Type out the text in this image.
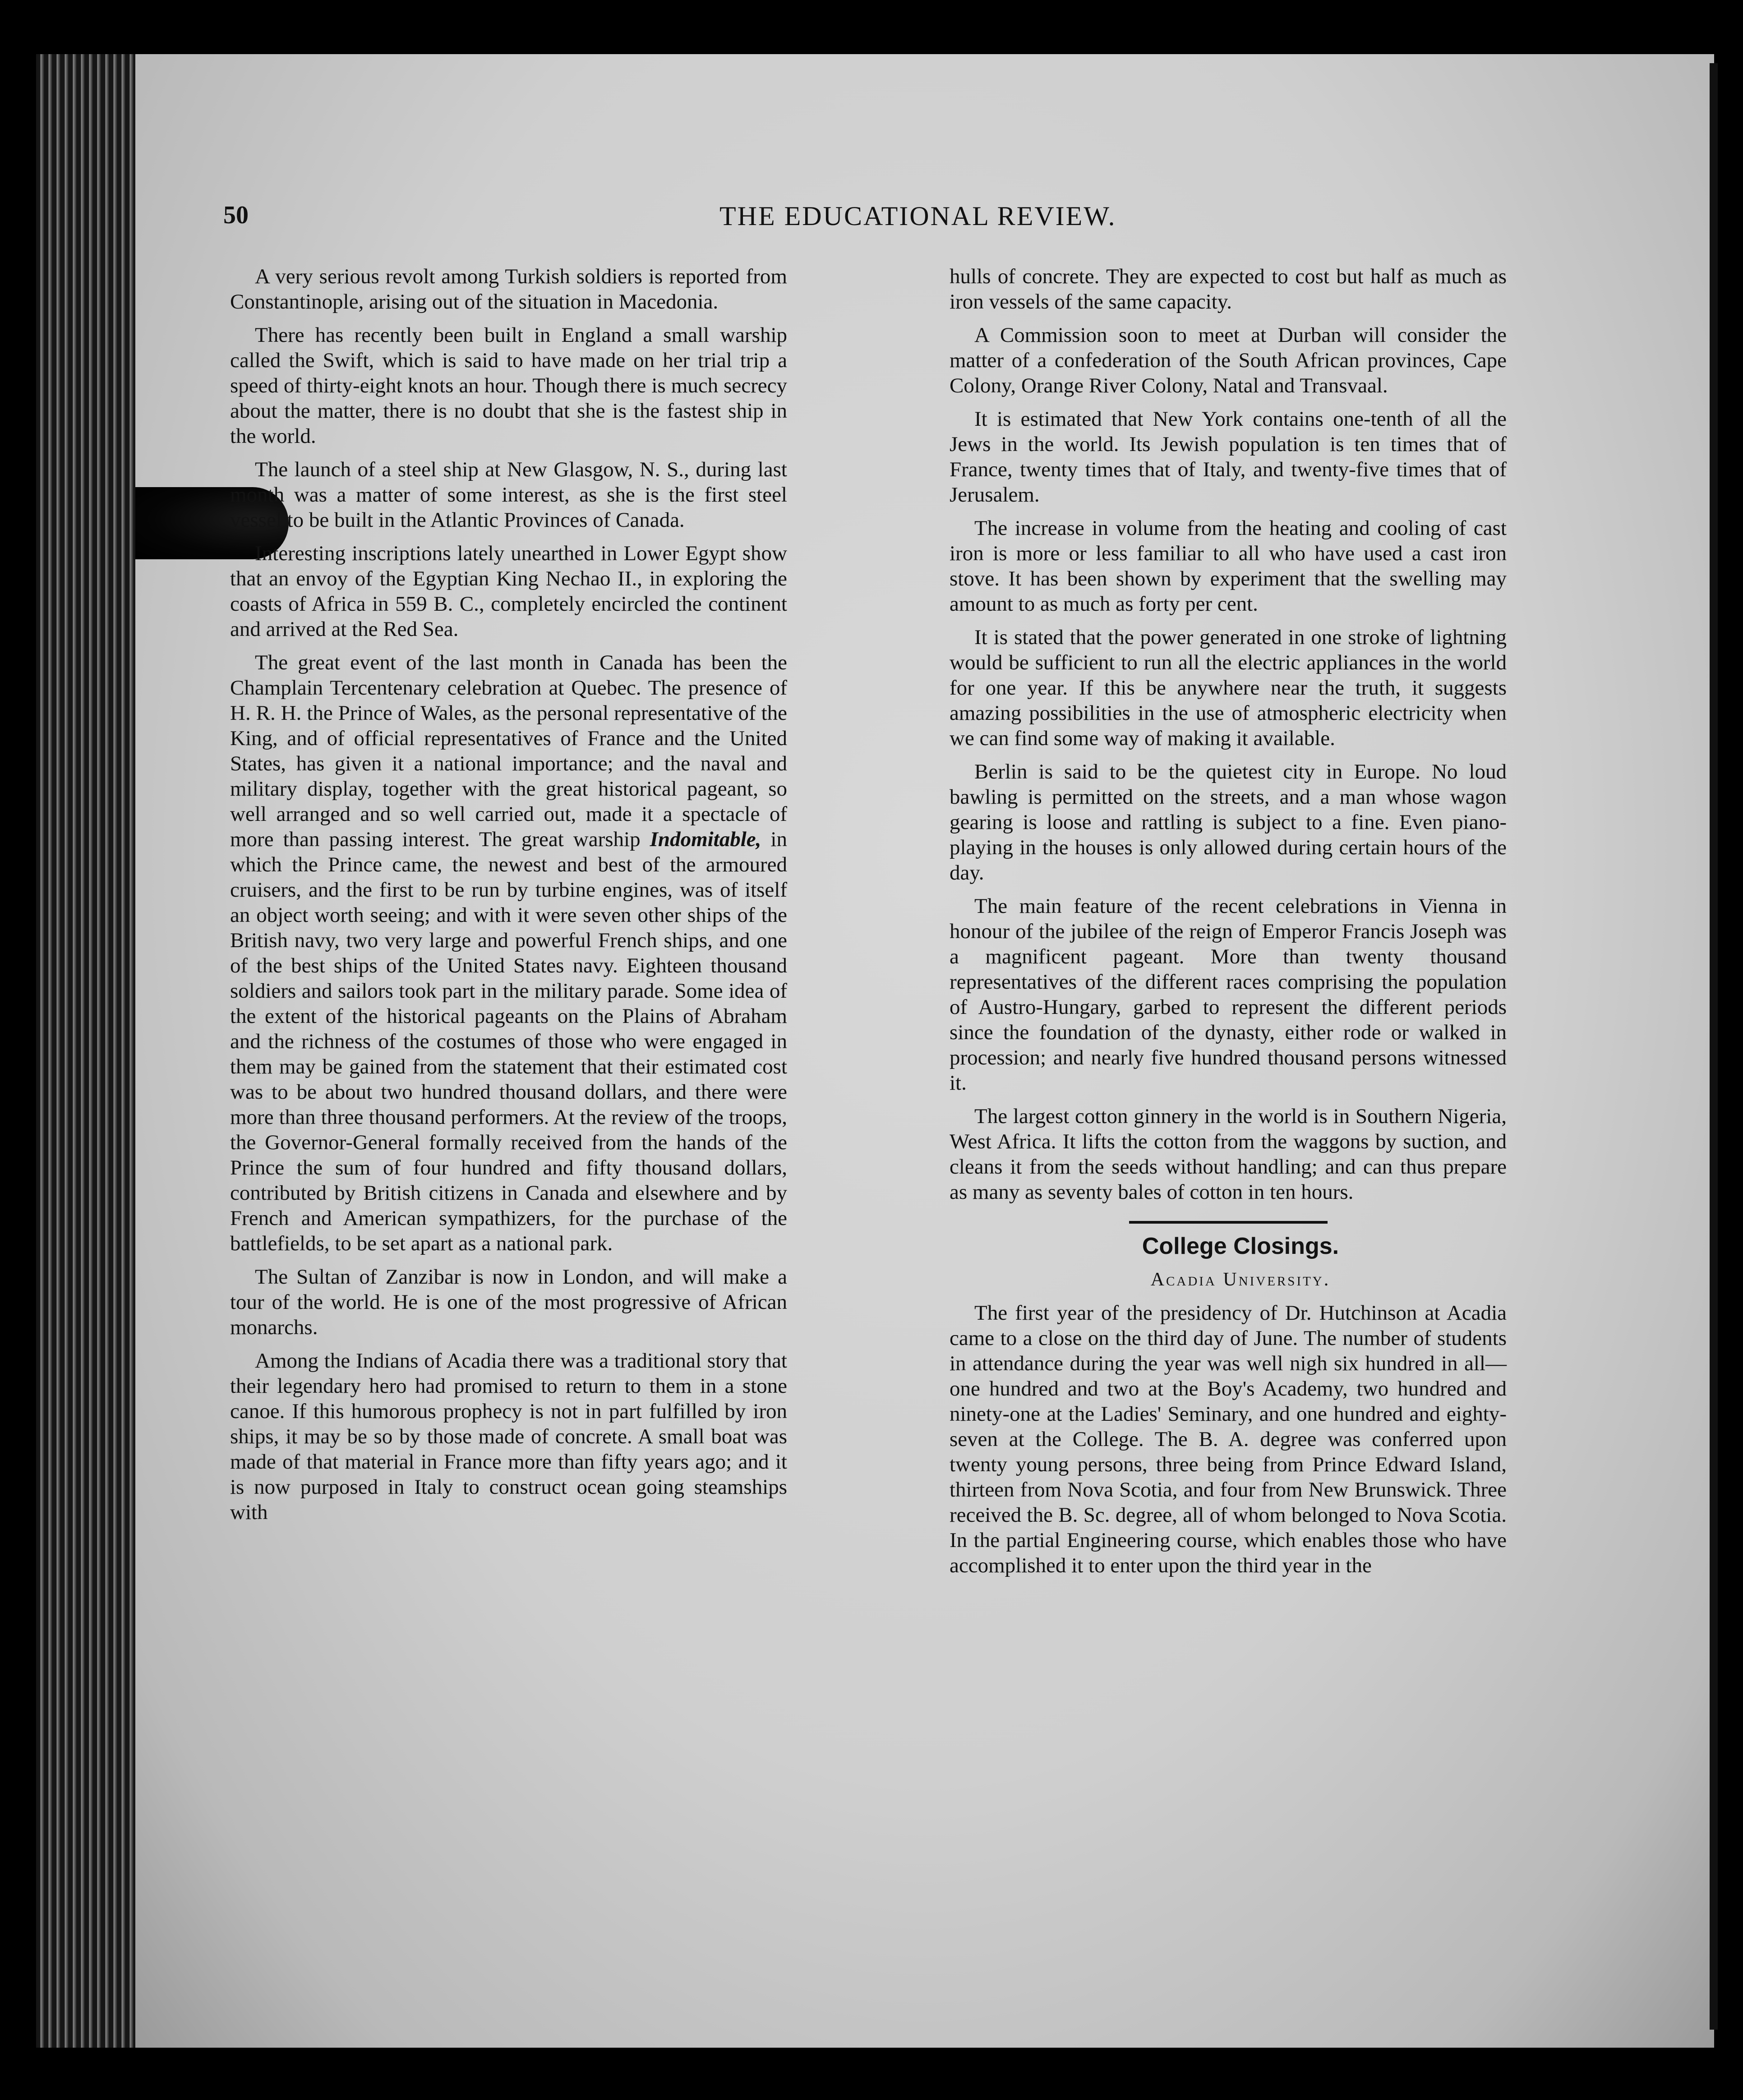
50	THE EDUCATIONAL REVIEW.

A very serious revolt among Turkish soldiers is reported from Constantinople, arising out of the situation in Macedonia.

There has recently been built in England a small warship called the Swift, which is said to have made on her trial trip a speed of thirty-eight knots an hour. Though there is much secrecy about the matter, there is no doubt that she is the fastest ship in the world.

The launch of a steel ship at New Glasgow, N. S., during last month was a matter of some interest, as she is the first steel vessel to be built in the Atlantic Provinces of Canada.

Interesting inscriptions lately unearthed in Lower Egypt show that an envoy of the Egyptian King Nechao II., in exploring the coasts of Africa in 559 B. C., completely encircled the continent and arrived at the Red Sea.

The great event of the last month in Canada has been the Champlain Tercentenary celebration at Quebec. The presence of H. R. H. the Prince of Wales, as the personal representative of the King, and of official representatives of France and the United States, has given it a national importance; and the naval and military display, together with the great historical pageant, so well arranged and so well carried out, made it a spectacle of more than passing interest. The great warship Indomitable, in which the Prince came, the newest and best of the armoured cruisers, and the first to be run by turbine engines, was of itself an object worth seeing; and with it were seven other ships of the British navy, two very large and powerful French ships, and one of the best ships of the United States navy. Eighteen thousand soldiers and sailors took part in the military parade. Some idea of the extent of the historical pageants on the Plains of Abraham and the richness of the costumes of those who were engaged in them may be gained from the statement that their estimated cost was to be about two hundred thousand dollars, and there were more than three thousand performers. At the review of the troops, the Governor-General formally received from the hands of the Prince the sum of four hundred and fifty thousand dollars, contributed by British citizens in Canada and elsewhere and by French and American sympathizers, for the purchase of the battlefields, to be set apart as a national park.

The Sultan of Zanzibar is now in London, and will make a tour of the world. He is one of the most progressive of African monarchs.

Among the Indians of Acadia there was a traditional story that their legendary hero had promised to return to them in a stone canoe. If this humorous prophecy is not in part fulfilled by iron ships, it may be so by those made of concrete. A small boat was made of that material in France more than fifty years ago; and it is now purposed in Italy to construct ocean going steamships with

hulls of concrete. They are expected to cost but half as much as iron vessels of the same capacity.

A Commission soon to meet at Durban will consider the matter of a confederation of the South African provinces, Cape Colony, Orange River Colony, Natal and Transvaal.

It is estimated that New York contains one-tenth of all the Jews in the world. Its Jewish population is ten times that of France, twenty times that of Italy, and twenty-five times that of Jerusalem.

The increase in volume from the heating and cooling of cast iron is more or less familiar to all who have used a cast iron stove. It has been shown by experiment that the swelling may amount to as much as forty per cent.

It is stated that the power generated in one stroke of lightning would be sufficient to run all the electric appliances in the world for one year. If this be anywhere near the truth, it suggests amazing possibilities in the use of atmospheric electricity when we can find some way of making it available.

Berlin is said to be the quietest city in Europe. No loud bawling is permitted on the streets, and a man whose wagon gearing is loose and rattling is subject to a fine. Even piano-playing in the houses is only allowed during certain hours of the day.

The main feature of the recent celebrations in Vienna in honour of the jubilee of the reign of Emperor Francis Joseph was a magnificent pageant. More than twenty thousand representatives of the different races comprising the population of Austro-Hungary, garbed to represent the different periods since the foundation of the dynasty, either rode or walked in procession; and nearly five hundred thousand persons witnessed it.

The largest cotton ginnery in the world is in Southern Nigeria, West Africa. It lifts the cotton from the waggons by suction, and cleans it from the seeds without handling; and can thus prepare as many as seventy bales of cotton in ten hours.

College Closings.

Acadia University.

The first year of the presidency of Dr. Hutchinson at Acadia came to a close on the third day of June. The number of students in attendance during the year was well nigh six hundred in all—one hundred and two at the Boy's Academy, two hundred and ninety-one at the Ladies' Seminary, and one hundred and eighty-seven at the College. The B. A. degree was conferred upon twenty young persons, three being from Prince Edward Island, thirteen from Nova Scotia, and four from New Brunswick. Three received the B. Sc. degree, all of whom belonged to Nova Scotia. In the partial Engineering course, which enables those who have accomplished it to enter upon the third year in the
